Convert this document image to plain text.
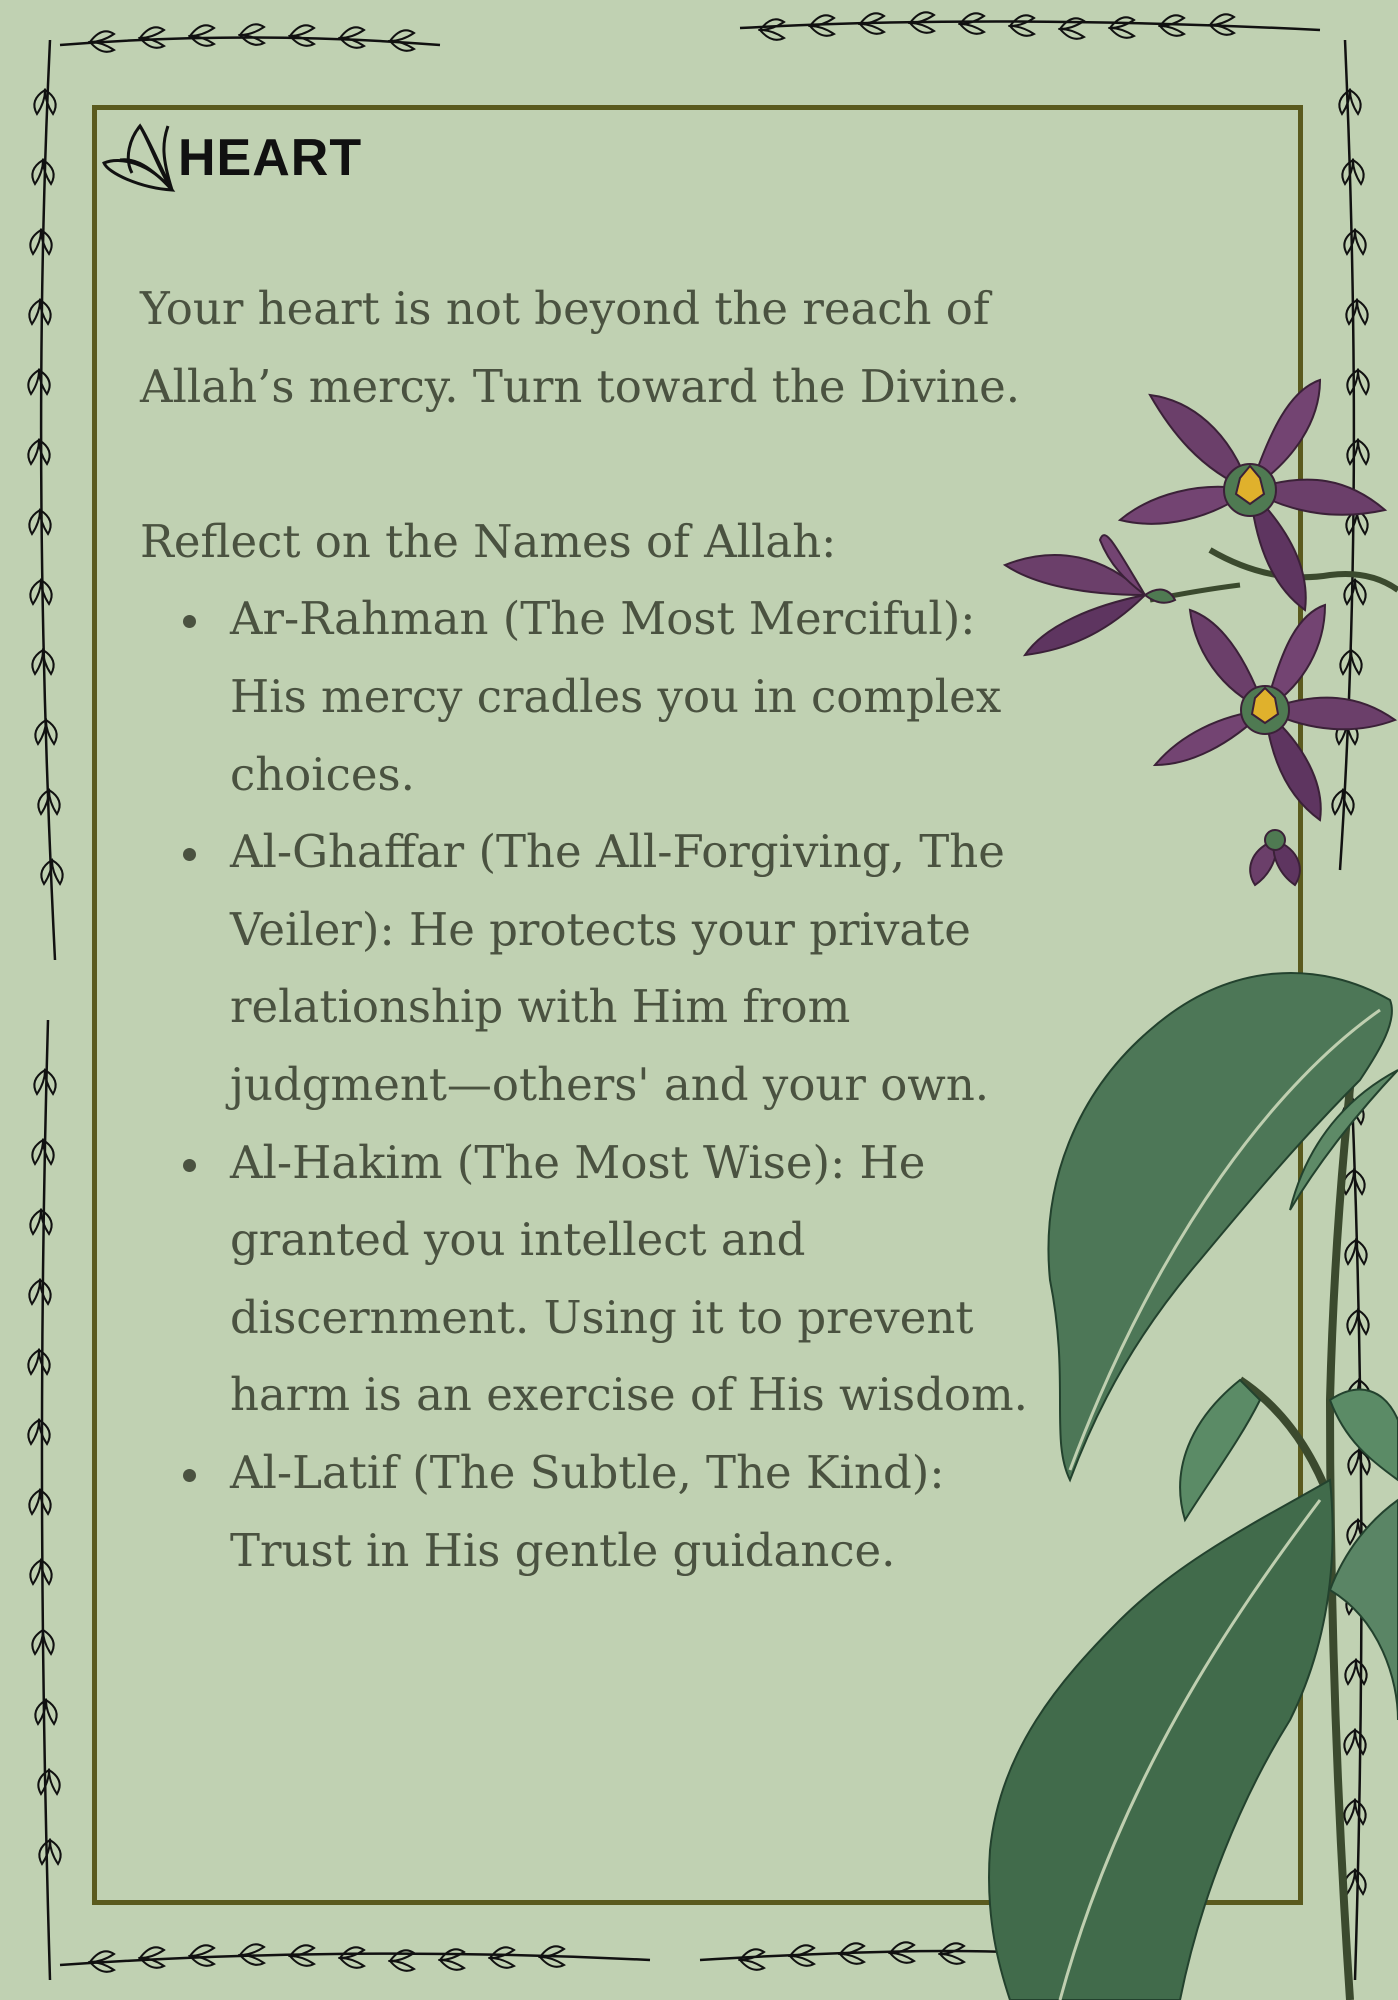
HEART

Your heart is not beyond the reach of Allah’s mercy. Turn toward the Divine.

Reflect on the Names of Allah:

Ar-Rahman (The Most Merciful): His mercy cradles you in complex choices.
Al-Ghaffar (The All-Forgiving, The Veiler): He protects your private relationship with Him from judgment—others' and your own.
Al-Hakim (The Most Wise): He granted you intellect and discernment. Using it to prevent harm is an exercise of His wisdom.
Al-Latif (The Subtle, The Kind): Trust in His gentle guidance.
